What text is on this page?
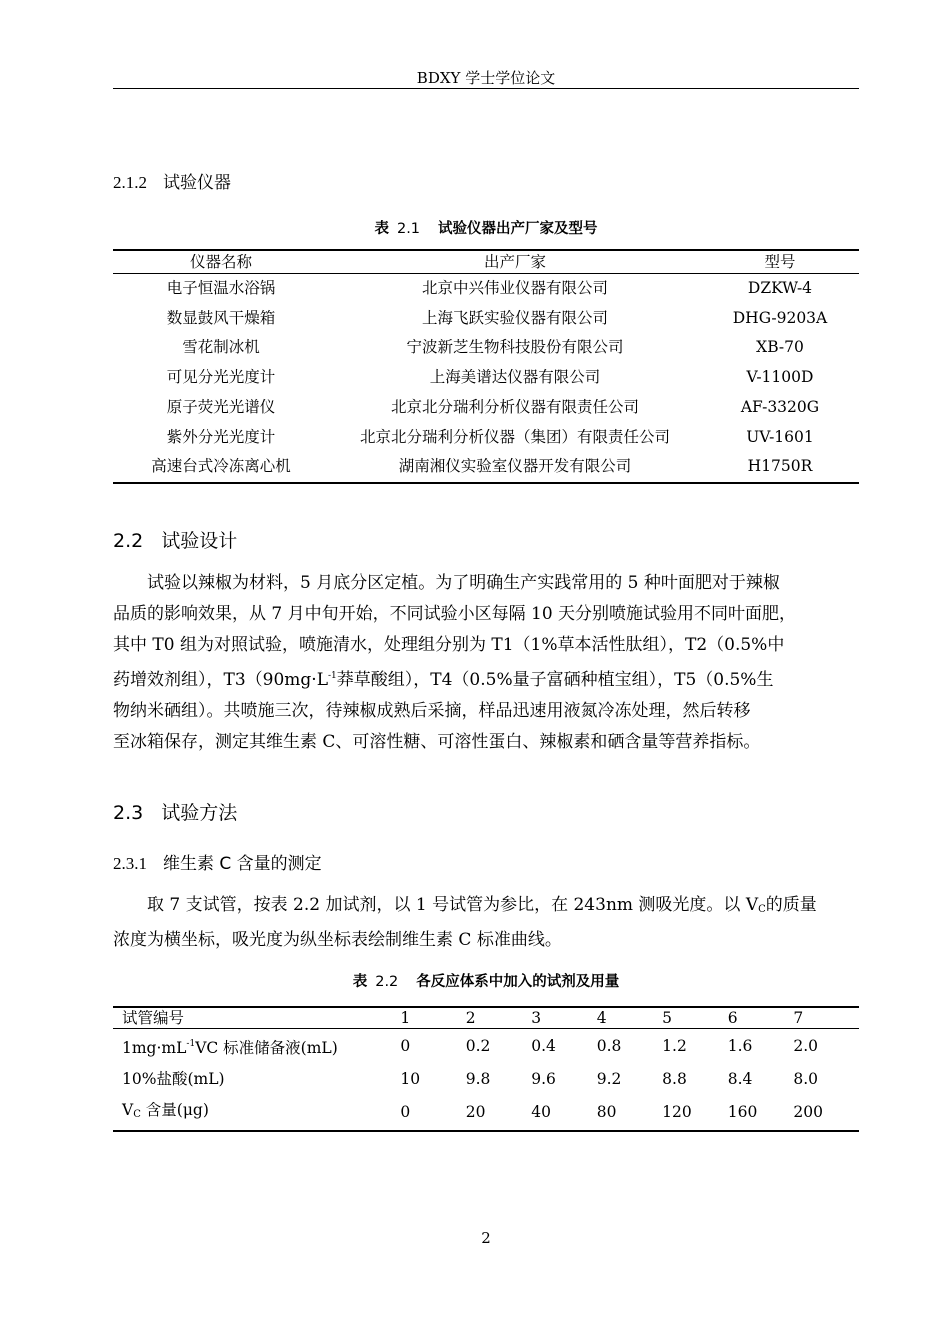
BDXY 学士学位论文
2.1.2 试验仪器
表 2.1 试验仪器出产厂家及型号
仪器名称	出产厂家	型号
电子恒温水浴锅	北京中兴伟业仪器有限公司	DZKW-4
数显鼓风干燥箱	上海飞跃实验仪器有限公司	DHG-9203A
雪花制冰机	宁波新芝生物科技股份有限公司	XB-70
可见分光光度计	上海美谱达仪器有限公司	V-1100D
原子荧光光谱仪	北京北分瑞利分析仪器有限责任公司	AF-3320G
紫外分光光度计	北京北分瑞利分析仪器（集团）有限责任公司	UV-1601
高速台式冷冻离心机	湖南湘仪实验室仪器开发有限公司	H1750R
2.2 试验设计
试验以辣椒为材料，5 月底分区定植。为了明确生产实践常用的 5 种叶面肥对于辣椒
品质的影响效果，从 7 月中旬开始，不同试验小区每隔 10 天分别喷施试验用不同叶面肥，
其中 T0 组为对照试验，喷施清水，处理组分别为 T1（1%草本活性肽组），T2（0.5%中
药增效剂组），$T3(90mg\cdot L^{-1}$莽草酸组），T4（0.5%量子富硒种植宝组），T5（0.5%生
物纳米硒组）。共喷施三次，待辣椒成熟后采摘，样品迅速用液氮冷冻处理，然后转移
至冰箱保存，测定其维生素 C、可溶性糖、可溶性蛋白、辣椒素和硒含量等营养指标。
2.3 试验方法
2.3.1 维生素 C 含量的测定
取 7 支试管，按表 2.2 加试剂，以 1 号试管为参比，在 243nm 测吸光度。以 $V_C$的质量
浓度为横坐标，吸光度为纵坐标表绘制维生素 C 标准曲线。
表 2.2 各反应体系中加入的试剂及用量
试管编号	1	2	3	4	5	6	7
$1mg\cdot mL^{-1}VC$ 标准储备液(mL)	0	0.2	0.4	0.8	1.2	1.6	2.0
10%盐酸(mL)	10	9.8	9.6	9.2	8.8	8.4	8.0
$V_C$ 含量(μg)	0	20	40	80	120	160	200
2
